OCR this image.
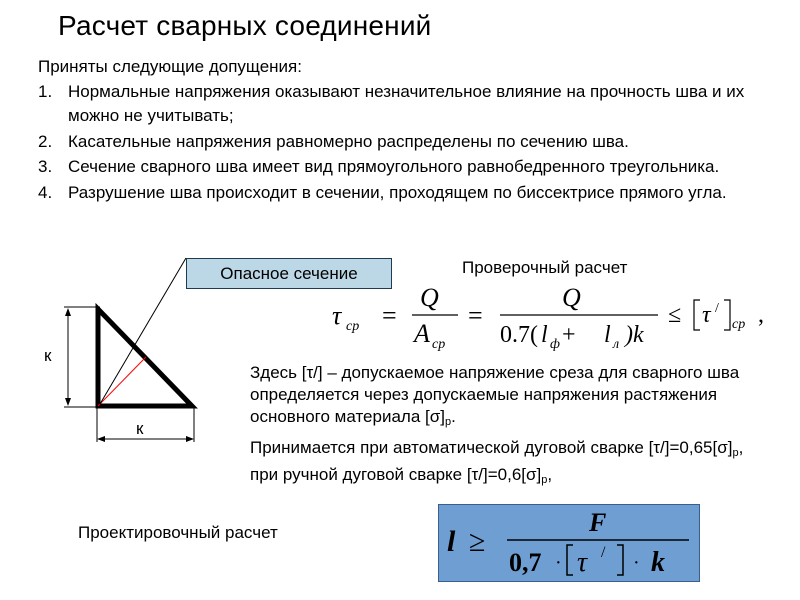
Расчет сварных соединений

Приняты следующие допущения:

1. Нормальные напряжения оказывают незначительное влияние на прочность шва и их можно не учитывать;
2. Касательные напряжения равномерно распределены по сечению шва.
3. Сечение сварного шва имеет вид прямоугольного равнобедренного треугольника.
4. Разрушение шва происходит в сечении, проходящем по биссектрисе прямого угла.
Опасное сечение
к
к
Проверочный расчет
τ ср =
Q
A ср
=
Q
0.7( l ф + l л )k
≤ τ /
ср ,

Здесь [τ/] – допускаемое напряжение среза для сварного шва определяется через допускаемые напряжения растяжения основного материала $[\sigma]_р$.

Принимается при автоматической дуговой сварке $[\tau/]=0,65[\sigma]_р$, при ручной дуговой сварке $[\tau/]=0,6[\sigma]_р$,

Проектировочный расчет	l ≥
F
0,7 · τ / · k
